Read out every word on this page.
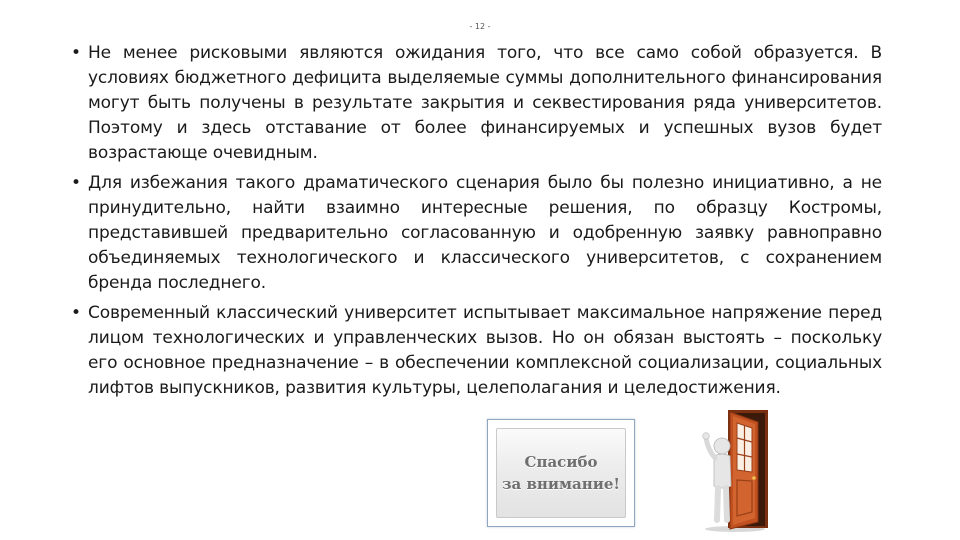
- 12 -
• Не менее рисковыми являются ожидания того, что все само собой образуется. В условиях бюджетного дефицита выделяемые суммы дополнительного финансирования могут быть получены в результате закрытия и секвестирования ряда университетов. Поэтому и здесь отставание от более финансируемых и успешных вузов будет возрастающе очевидным.
• Для избежания такого драматического сценария было бы полезно инициативно, а не принудительно, найти взаимно интересные решения, по образцу Костромы, представившей предварительно согласованную и одобренную заявку равноправно объединяемых технологического и классического университетов, с сохранением бренда последнего.
• Современный классический университет испытывает максимальное напряжение перед лицом технологических и управленческих вызов. Но он обязан выстоять – поскольку его основное предназначение – в обеспечении комплексной социализации, социальных лифтов выпускников, развития культуры, целеполагания и целедостижения.
Спасибо
за внимание!
